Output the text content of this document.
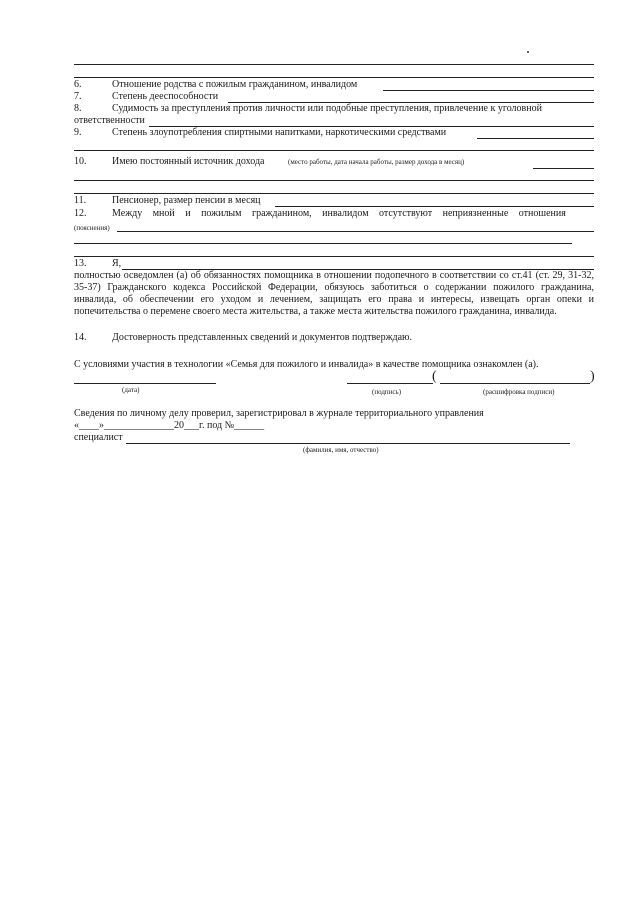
6.	Отношение родства с пожилым гражданином, инвалидом
7.	Степень дееспособности
8.	Судимость за преступления против личности или подобные преступления, привлечение к уголовной
ответственности
9.	Степень злоупотребления спиртными напитками, наркотическими средствами
10.	Имею постоянный источник дохода	(место работы, дата начала работы, размер дохода в месяц)
11.	Пенсионер, размер пенсии в месяц
12.	Между мной и пожилым гражданином, инвалидом отсутствуют неприязненные отношения
(пояснения)
13.	Я,
полностью осведомлен (а) об обязанностях помощника в отношении подопечного в соответствии со ст.41 (ст. 29, 31-32, 35-37) Гражданского кодекса Российской Федерации, обязуюсь заботиться о содержании пожилого гражданина, инвалида, об обеспечении его уходом и лечением, защищать его права и интересы, извещать орган опеки и попечительства о перемене своего места жительства, а также места жительства пожилого гражданина, инвалида.
14.	Достоверность представленных сведений и документов подтверждаю.
С условиями участия в технологии «Семья для пожилого и инвалида» в качестве помощника ознакомлен (а).
(дата)
(	)
(подпись)	(расшифровка подписи)
Сведения по личному делу проверил, зарегистрировал в журнале территориального управления
«____»______________20___г. под №______
специалист
(фамилия, имя, отчество)
